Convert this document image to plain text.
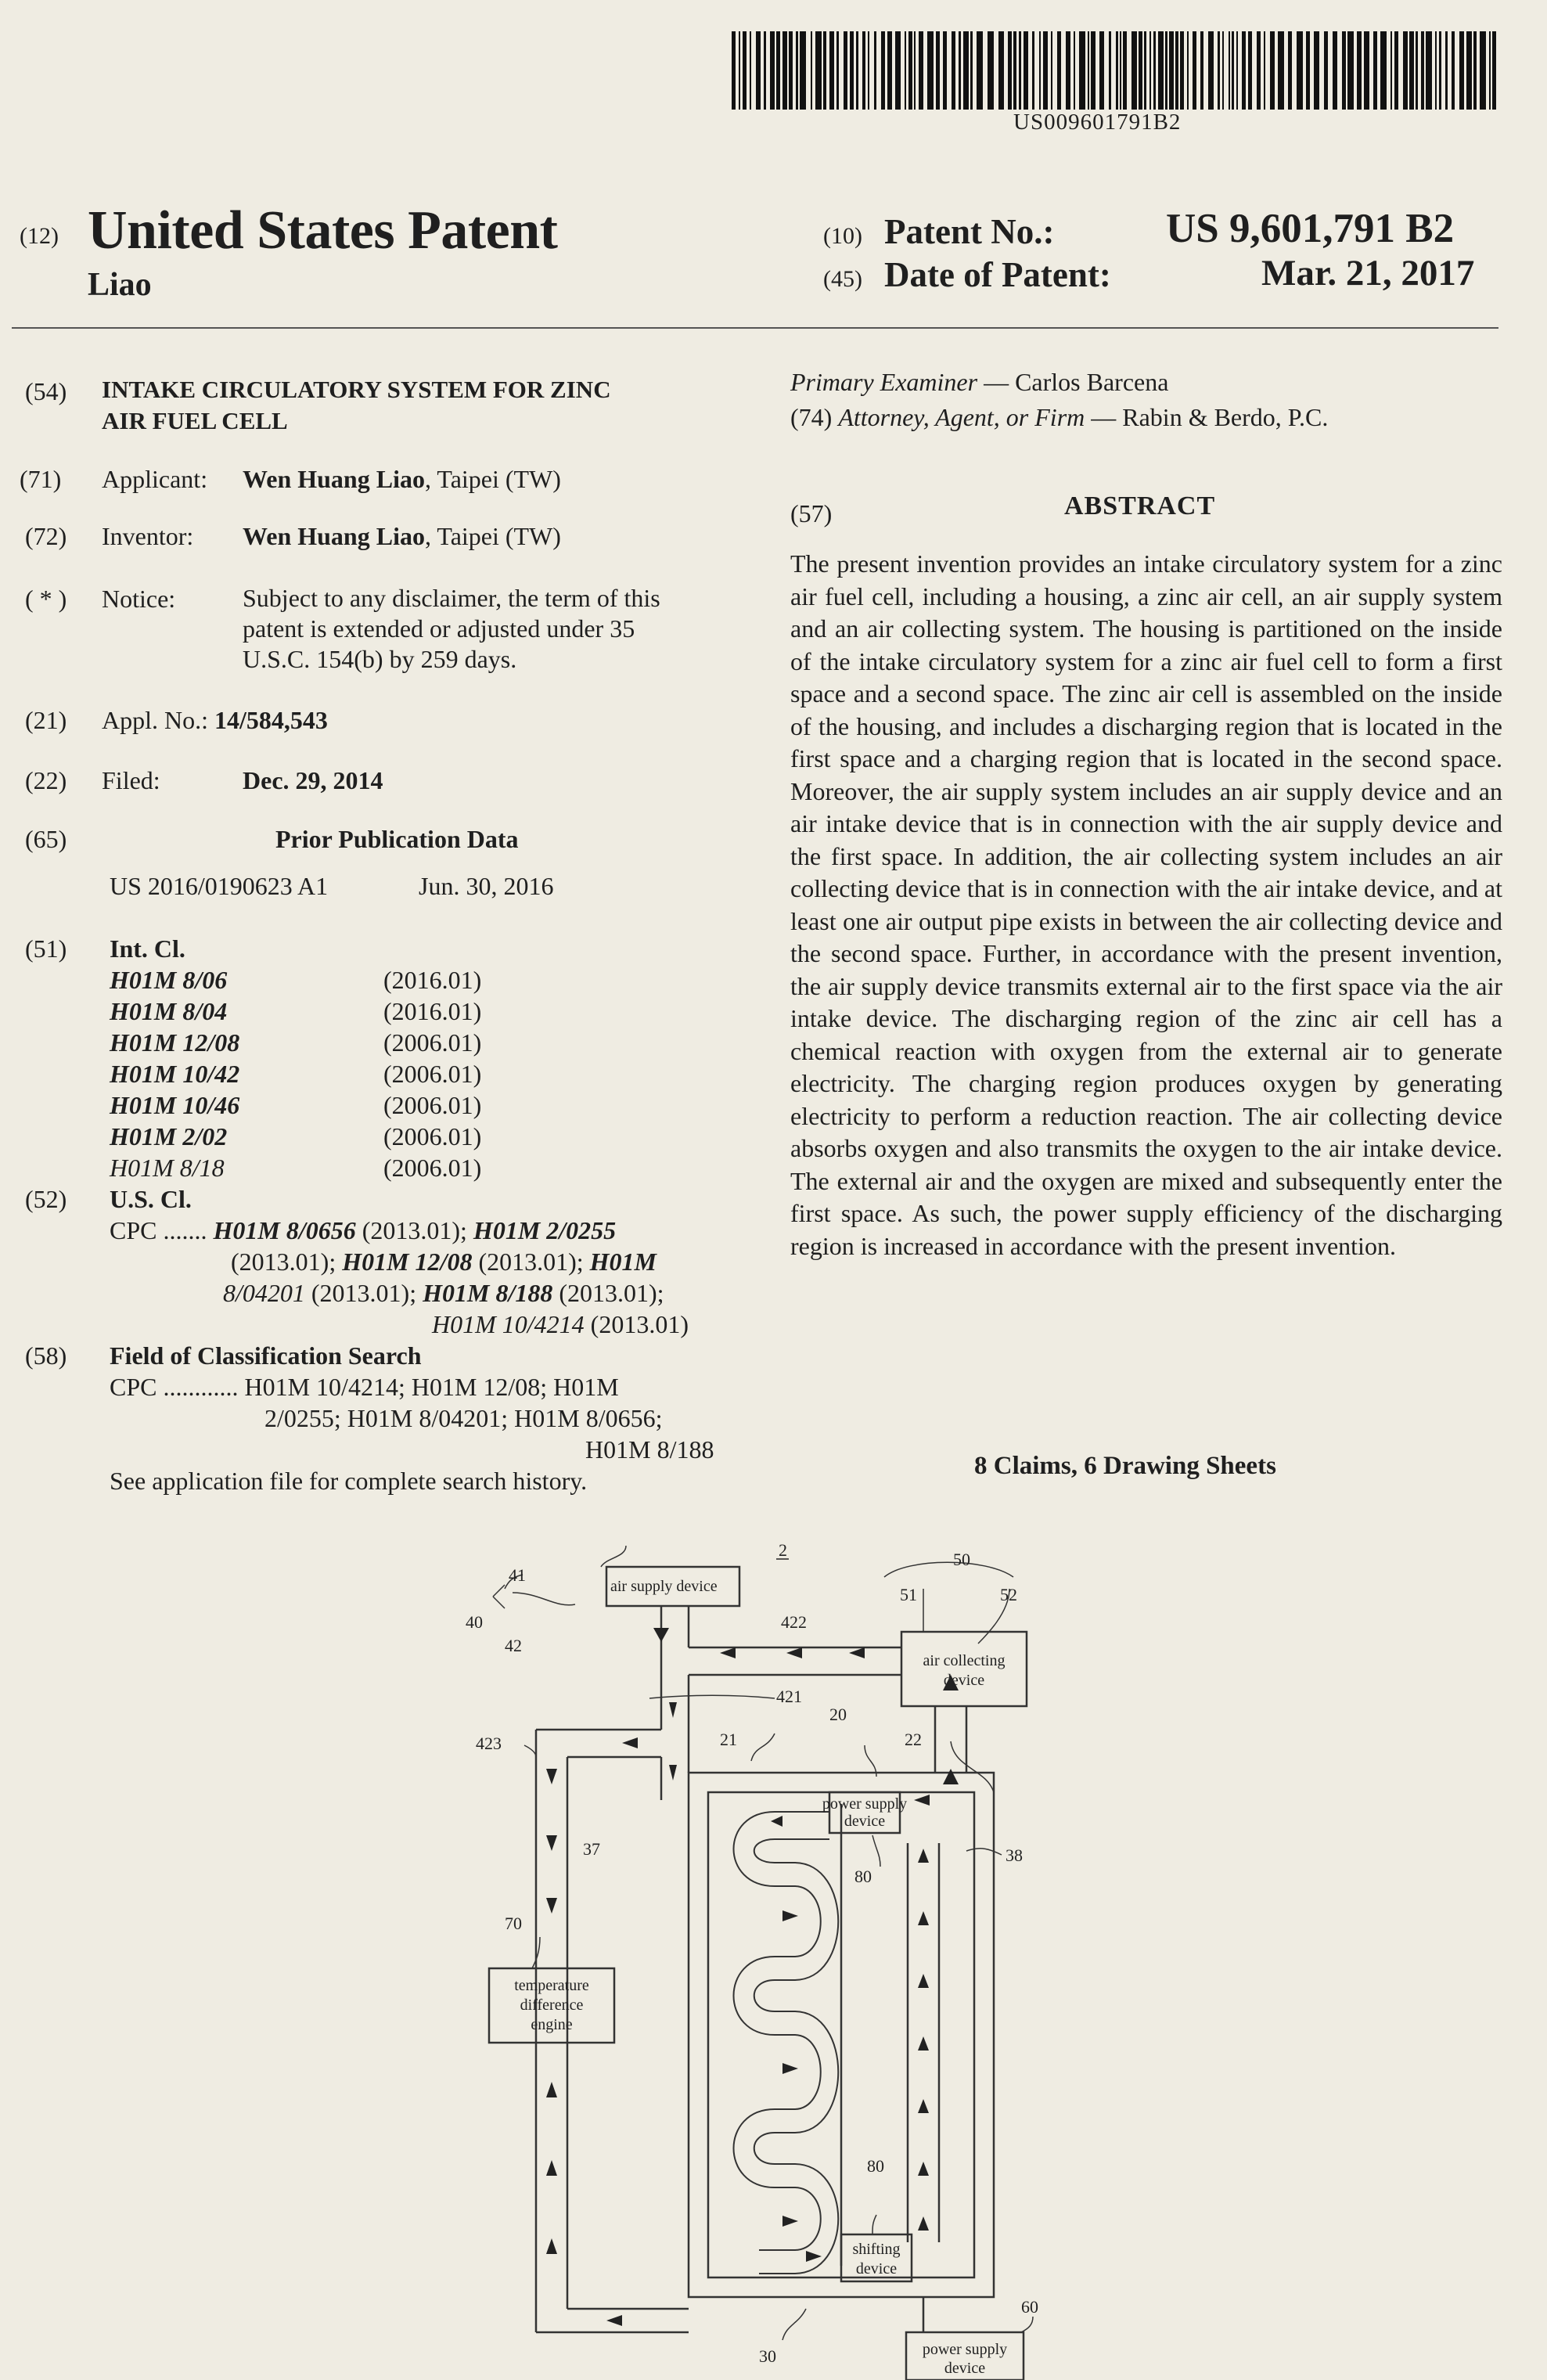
US009601791B2
(12) United States Patent
Liao
(10) Patent No.:	US 9,601,791 B2
(45) Date of Patent:	Mar. 21, 2017
(54) INTAKE CIRCULATORY SYSTEM FOR ZINC
AIR FUEL CELL
(71) Applicant: Wen Huang Liao, Taipei (TW)
(72) Inventor: Wen Huang Liao, Taipei (TW)
( * ) Notice:	Subject to any disclaimer, the term of this
patent is extended or adjusted under 35
U.S.C. 154(b) by 259 days.
(21) Appl. No.: 14/584,543
(22) Filed:	Dec. 29, 2014
(65)	Prior Publication Data
US 2016/0190623 A1	Jun. 30, 2016
(51) Int. Cl.
H01M 8/06	(2016.01)
H01M 8/04	(2016.01)
H01M 12/08	(2006.01)
H01M 10/42	(2006.01)
H01M 10/46	(2006.01)
H01M 2/02	(2006.01)
H01M 8/18	(2006.01)
(52) U.S. Cl.
CPC ....... H01M 8/0656 (2013.01); H01M 2/0255
(2013.01); H01M 12/08 (2013.01); H01M
8/04201 (2013.01); H01M 8/188 (2013.01);
H01M 10/4214 (2013.01)
(58) Field of Classification Search
CPC ............ H01M 10/4214; H01M 12/08; H01M
2/0255; H01M 8/04201; H01M 8/0656;
H01M 8/188
See application file for complete search history.
Primary Examiner — Carlos Barcena
(74) Attorney, Agent, or Firm — Rabin & Berdo, P.C.
(57)	ABSTRACT
The present invention provides an intake circulatory system for a zinc air fuel cell, including a housing, a zinc air cell, an air supply system and an air collecting system. The housing is partitioned on the inside of the intake circulatory system for a zinc air fuel cell to form a first space and a second space. The zinc air cell is assembled on the inside of the housing, and includes a discharging region that is located in the first space and a charging region that is located in the second space. Moreover, the air supply system includes an air supply device and an air intake device that is in connection with the air supply device and the first space. In addition, the air collecting system includes an air collecting device that is in connection with the air intake device, and at least one air output pipe exists in between the air collecting device and the second space. Further, in accordance with the present invention, the air supply device transmits external air to the first space via the air intake device. The discharging region of the zinc air cell has a chemical reaction with oxygen from the external air to generate electricity. The charging region produces oxygen by generating electricity to perform a reduction reaction. The air collecting device absorbs oxygen and also transmits the oxygen to the air intake device. The external air and the oxygen are mixed and subsequently enter the first space. As such, the power supply efficiency of the discharging region is increased in accordance with the present invention.
8 Claims, 6 Drawing Sheets
2
40
41
42
422
50
51	52
421
20
21	22
423
37	38
80
70
80
60
30
air supply device
air collecting
device
power supply
device
temperature
difference
engine
shifting
device
power supply
device
